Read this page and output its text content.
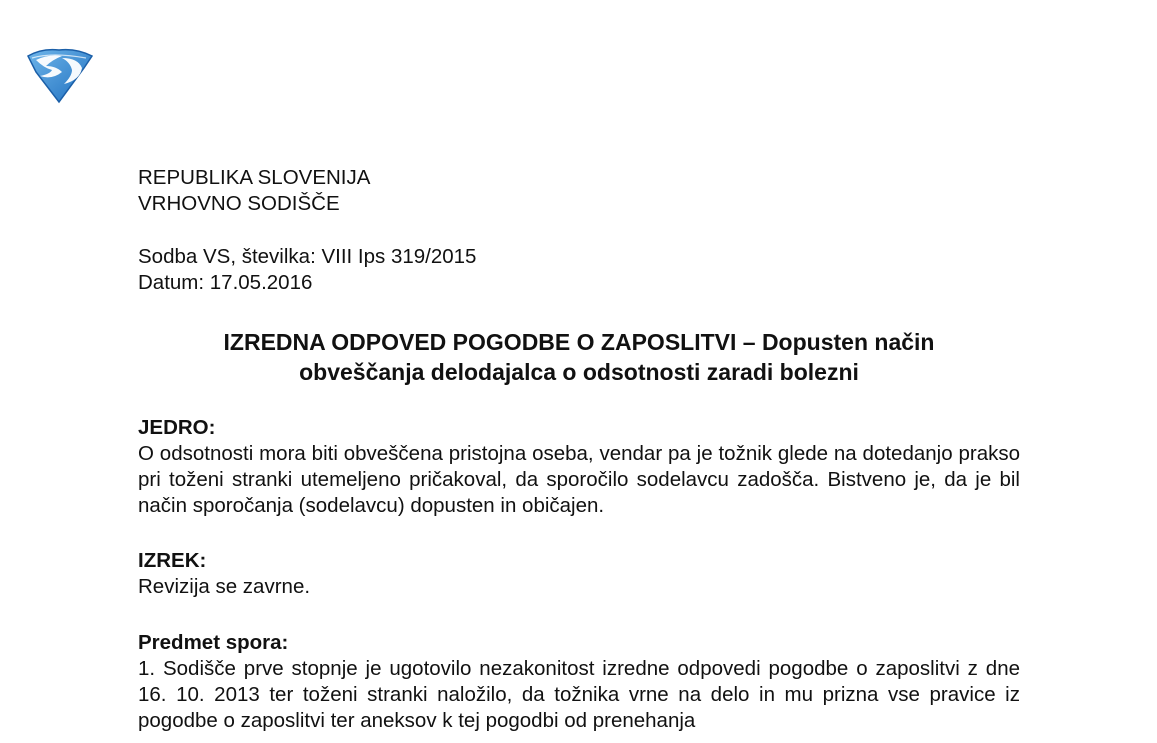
REPUBLIKA SLOVENIJA
VRHOVNO SODIŠČE
Sodba VS, številka: VIII Ips 319/2015
Datum: 17.05.2016
IZREDNA ODPOVED POGODBE O ZAPOSLITVI – Dopusten način
obveščanja delodajalca o odsotnosti zaradi bolezni
JEDRO:
O odsotnosti mora biti obveščena pristojna oseba, vendar pa je tožnik glede na dotedanjo prakso pri toženi stranki utemeljeno pričakoval, da sporočilo sodelavcu zadošča. Bistveno je, da je bil način sporočanja (sodelavcu) dopusten in običajen.
IZREK:
Revizija se zavrne.
Predmet spora:
1. Sodišče prve stopnje je ugotovilo nezakonitost izredne odpovedi pogodbe o zaposlitvi z dne 16. 10. 2013 ter toženi stranki naložilo, da tožnika vrne na delo in mu prizna vse pravice iz pogodbe o zaposlitvi ter aneksov k tej pogodbi od prenehanja
